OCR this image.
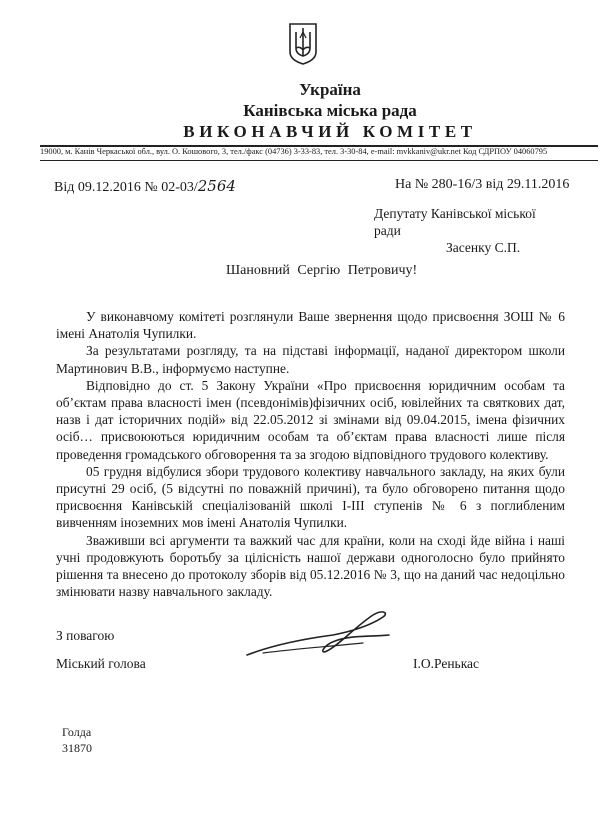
Україна
Канівська міська рада
ВИКОНАВЧИЙ КОМІТЕТ
19000, м. Канів Черкаської обл., вул. О. Кошового, 3, тел./факс (04736) 3-33-83, тел. 3-30-84, e-mail: mvkkaniv@ukr.net Код СДРПОУ 04060795
Від 09.12.2016 № 02-03/2564	На № 280-16/3 від 29.11.2016
Депутату Канівської міської ради
Засенку С.П.
Шановний Сергію Петровичу!

У виконавчому комітеті розглянули Ваше звернення щодо присвоєння ЗОШ № 6 імені Анатолія Чупилки.

За результатами розгляду, та на підставі інформації, наданої директором школи Мартинович В.В., інформуємо наступне.

Відповідно до ст. 5 Закону України «Про присвоєння юридичним особам та об’єктам права власності імен (псевдонімів)фізичних осіб, ювілейних та святкових дат, назв і дат історичних подій» від 22.05.2012 зі змінами від 09.04.2015, імена фізичних осіб… присвоюються юридичним особам та об’єктам права власності лише після проведення громадського обговорення та за згодою відповідного трудового колективу.

05 грудня відбулися збори трудового колективу навчального закладу, на яких були присутні 29 осіб, (5 відсутні по поважній причині), та було обговорено питання щодо присвоєння Канівській спеціалізованій школі І-ІІІ ступенів № 6 з поглибленим вивченням іноземних мов імені Анатолія Чупилки.

Зваживши всі аргументи та важкий час для країни, коли на сході йде війна і наші учні продовжують боротьбу за цілісність нашої держави одноголосно було прийнято рішення та внесено до протоколу зборів від 05.12.2016 № 3, що на даний час недоцільно змінювати назву навчального закладу.

З повагою
Міський голова	І.О.Ренькас
Голда
31870
